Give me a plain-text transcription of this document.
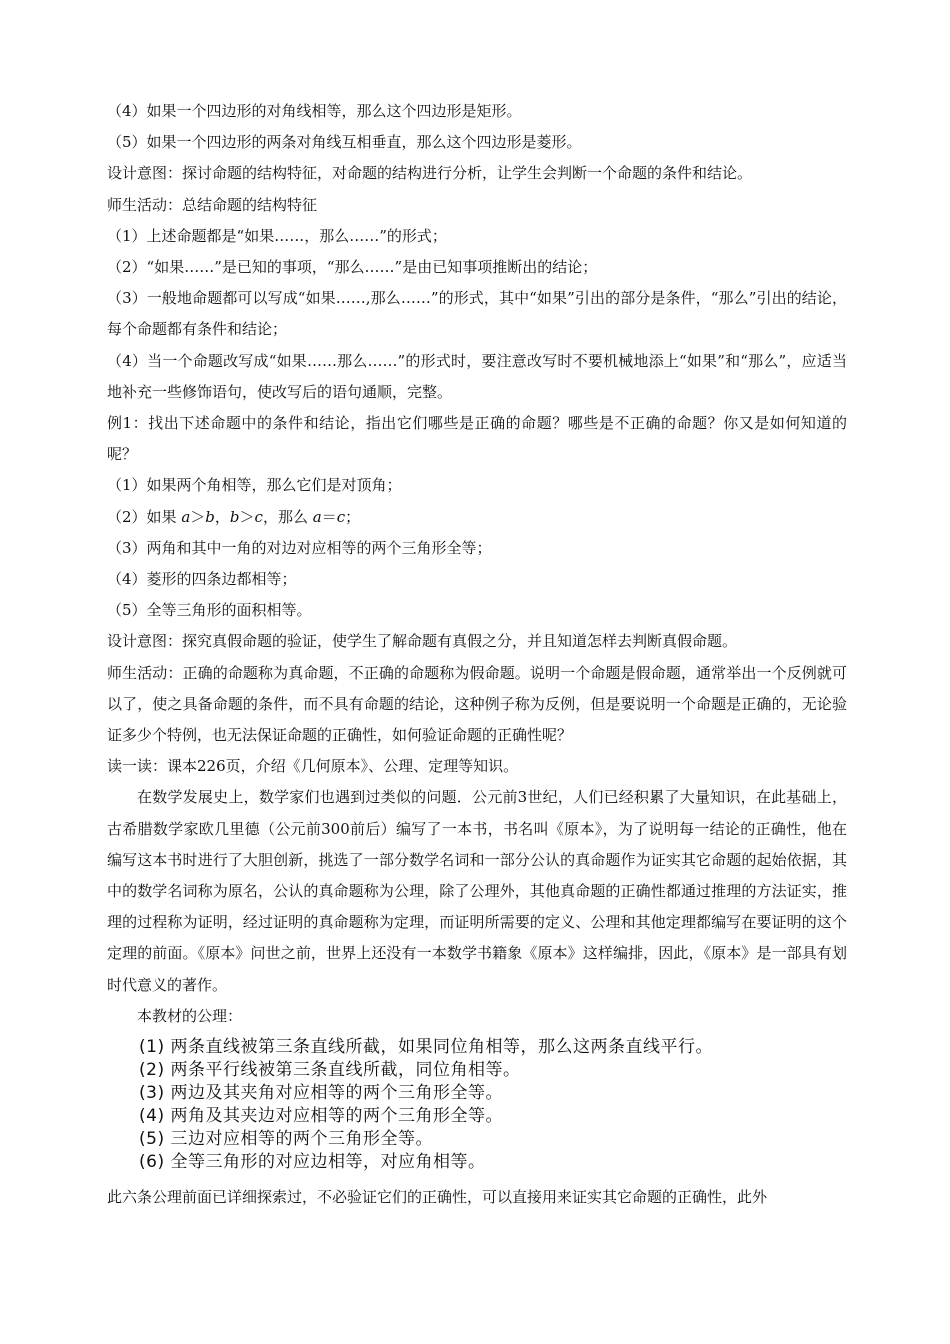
（4）如果一个四边形的对角线相等，那么这个四边形是矩形。

（5）如果一个四边形的两条对角线互相垂直，那么这个四边形是菱形。

设计意图：探讨命题的结构特征，对命题的结构进行分析，让学生会判断一个命题的条件和结论。

师生活动：总结命题的结构特征

（1）上述命题都是“如果……，那么……”的形式；

（2）“如果……”是已知的事项，“那么……”是由已知事项推断出的结论；

（3）一般地命题都可以写成“如果……,那么……”的形式，其中“如果”引出的部分是条件，“那么”引出的结论，每个命题都有条件和结论；

（4）当一个命题改写成“如果……那么……”的形式时，要注意改写时不要机械地添上“如果”和“那么”，应适当地补充一些修饰语句，使改写后的语句通顺，完整。

例1：找出下述命题中的条件和结论，指出它们哪些是正确的命题？哪些是不正确的命题？你又是如何知道的呢？

（1）如果两个角相等，那么它们是对顶角；

（2）如果 a＞b，b＞c，那么 a＝c；

（3）两角和其中一角的对边对应相等的两个三角形全等；

（4）菱形的四条边都相等；

（5）全等三角形的面积相等。

设计意图：探究真假命题的验证，使学生了解命题有真假之分，并且知道怎样去判断真假命题。

师生活动：正确的命题称为真命题，不正确的命题称为假命题。说明一个命题是假命题，通常举出一个反例就可以了，使之具备命题的条件，而不具有命题的结论，这种例子称为反例，但是要说明一个命题是正确的，无论验证多少个特例，也无法保证命题的正确性，如何验证命题的正确性呢？

读一读：课本226页，介绍《几何原本》、公理、定理等知识。

在数学发展史上，数学家们也遇到过类似的问题．公元前3世纪，人们已经积累了大量知识，在此基础上，古希腊数学家欧几里德（公元前300前后）编写了一本书，书名叫《原本》，为了说明每一结论的正确性，他在编写这本书时进行了大胆创新，挑选了一部分数学名词和一部分公认的真命题作为证实其它命题的起始依据，其中的数学名词称为原名，公认的真命题称为公理，除了公理外，其他真命题的正确性都通过推理的方法证实，推理的过程称为证明，经过证明的真命题称为定理，而证明所需要的定义、公理和其他定理都编写在要证明的这个定理的前面。《原本》问世之前，世界上还没有一本数学书籍象《原本》这样编排，因此，《原本》是一部具有划时代意义的著作。

本教材的公理：

(1) 两条直线被第三条直线所截，如果同位角相等，那么这两条直线平行。

(2) 两条平行线被第三条直线所截，同位角相等。

(3) 两边及其夹角对应相等的两个三角形全等。

(4) 两角及其夹边对应相等的两个三角形全等。

(5) 三边对应相等的两个三角形全等。

(6) 全等三角形的对应边相等，对应角相等。

此六条公理前面已详细探索过，不必验证它们的正确性，可以直接用来证实其它命题的正确性，此外
